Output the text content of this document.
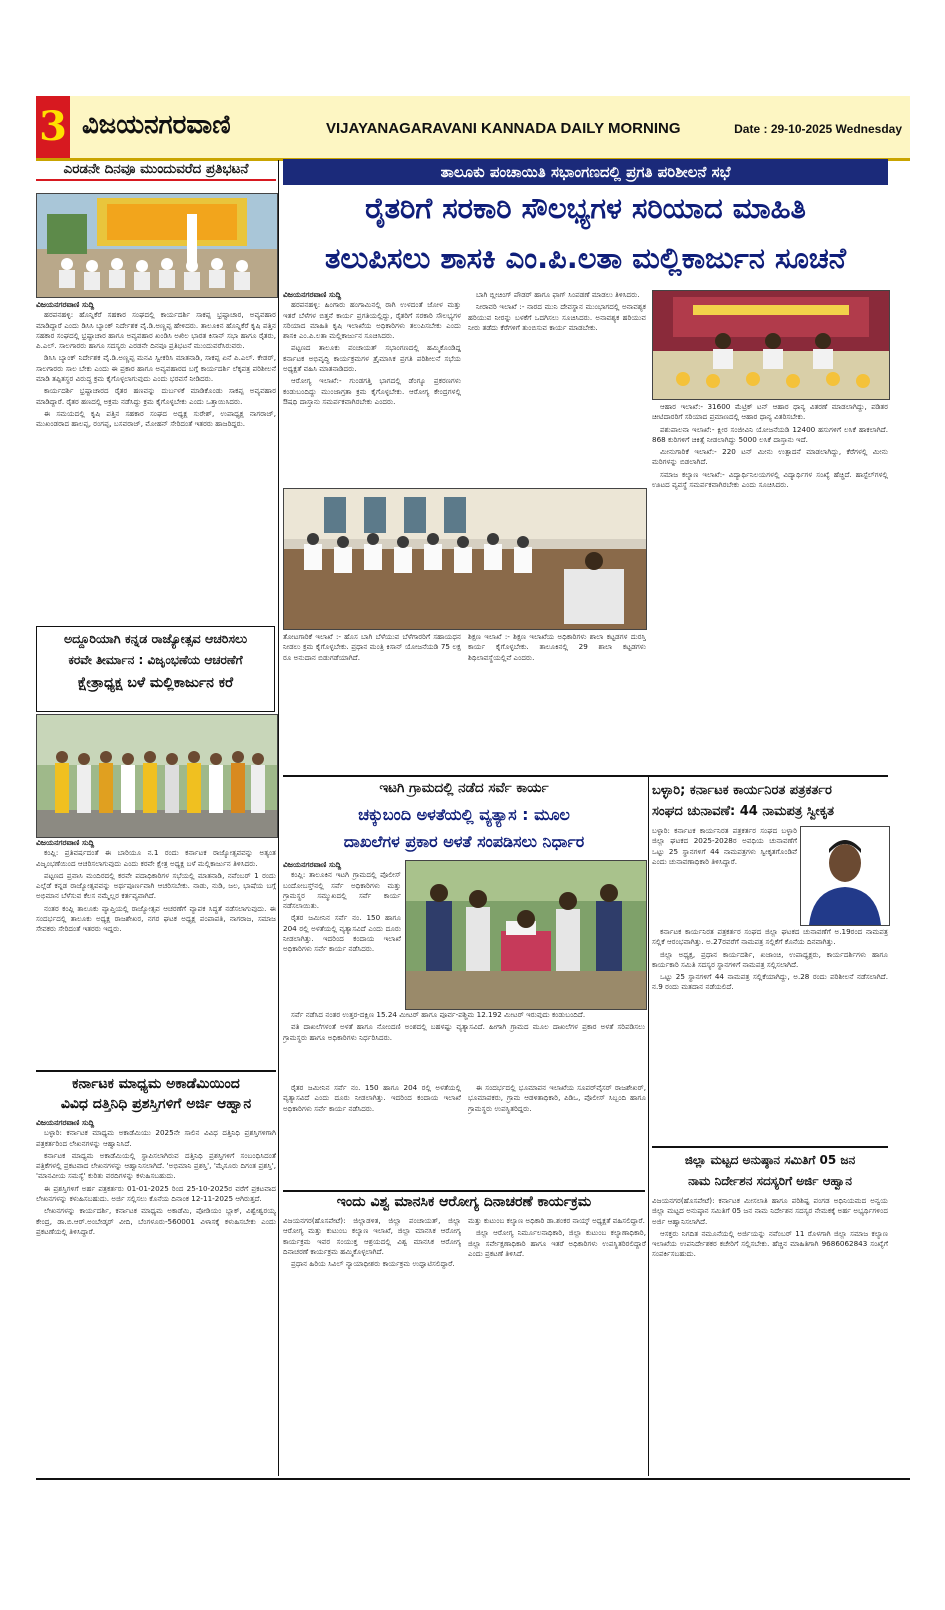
3 ವಿಜಯನಗರವಾಣಿ	VIJAYANAGARAVANI KANNADA DAILY MORNING	Date : 29-10-2025 Wednesday
ಎರಡನೇ ದಿನವೂ ಮುಂದುವರೆದ ಪ್ರತಿಭಟನೆ
ವಿಜಯನಗರವಾಣಿ ಸುದ್ದಿ

ಹರಪನಹಳ್ಳಿ: ಹೊನ್ನಿಕೆರೆ ಸಹಕಾರ ಸಂಘದಲ್ಲಿ ಕಾರ್ಯದರ್ಶಿ ಸಾಕಪ್ಪ ಭ್ರಷ್ಟಾಚಾರ, ಅವ್ಯವಹಾರ ಮಾಡಿದ್ದಾರೆ ಎಂದು ಡಿಸಿಸಿ ಬ್ಯಾಂಕ್ ನಿರ್ದೇಶಕ ವೈ.ಡಿ.ಅಣ್ಣಪ್ಪ ಹೇಳಿದರು. ತಾಲೂಕಿನ ಹೊನ್ನಿಕೆರೆ ಕೃಷಿ ಪತ್ತಿನ ಸಹಕಾರ ಸಂಘದಲ್ಲಿ ಭ್ರಷ್ಟಾಚಾರ ಹಾಗೂ ಅವ್ಯವಹಾರ ಖಂಡಿಸಿ ಅಖಿಲ ಭಾರತ ಕಿಸಾನ್ ಸಭಾ ಹಾಗೂ ರೈತರು, ಪಿ.ಎಲ್. ಸಾಲಗಾರರು ಹಾಗೂ ಸದಸ್ಯರು ಎರಡನೇ ದಿನವೂ ಪ್ರತಿಭಟನೆ ಮುಂದುವರೆಸಿರುವರು.

ಡಿಸಿಸಿ ಬ್ಯಾಂಕ್ ನಿರ್ದೇಶಕ ವೈ.ಡಿ.ಅಣ್ಣಪ್ಪ ಮನವಿ ಸ್ವೀಕರಿಸಿ ಮಾತನಾಡಿ, ಸಾಕಪ್ಪ ಏನೆ ಪಿ.ಎಲ್. ಕೇಡರ್, ಸಾಲಗಾರರು ಸಾಲ ಬೇಕು ಎಂದು ಈ ಪ್ರಕಾರ ಹಾಗೂ ಅವ್ಯವಹಾರದ ಬಗ್ಗೆ ಕಾರ್ಯದರ್ಶಿ ಲೆಕ್ಕಪತ್ರ ಪರಿಶೀಲನೆ ಮಾಡಿ ತಪ್ಪಿತಸ್ಥರ ವಿರುದ್ಧ ಕ್ರಮ ಕೈಗೊಳ್ಳಲಾಗುವುದು ಎಂದು ಭರವಸೆ ನೀಡಿದರು.

ಕಾರ್ಯದರ್ಶಿ ಭ್ರಷ್ಟಾಚಾರದ ರೈತರ ಹಣವನ್ನು ದುರ್ಬಳಕೆ ಮಾಡಿಕೊಂಡು ಸಾಕಪ್ಪ ಅವ್ಯವಹಾರ ಮಾಡಿದ್ದಾರೆ. ರೈತರ ಹಣದಲ್ಲಿ ಅಕ್ರಮ ನಡೆಸಿದ್ದು ಕ್ರಮ ಕೈಗೊಳ್ಳಬೇಕು ಎಂದು ಒತ್ತಾಯಿಸಿದರು.

ಈ ಸಮಯದಲ್ಲಿ ಕೃಷಿ ಪತ್ತಿನ ಸಹಕಾರ ಸಂಘದ ಅಧ್ಯಕ್ಷ ಸುರೇಶ್, ಉಪಾಧ್ಯಕ್ಷ ನಾಗರಾಜ್, ಮುಖಂಡರಾದ ಹಾಲಪ್ಪ, ರಂಗಪ್ಪ, ಬಸವರಾಜ್, ಮೋಹನ್ ಸೇರಿದಂತೆ ಇತರರು ಹಾಜರಿದ್ದರು.

ಅದ್ದೂರಿಯಾಗಿ ಕನ್ನಡ ರಾಜ್ಯೋತ್ಸವ ಆಚರಿಸಲು
ಕರವೇ ತೀರ್ಮಾನ : ವಿಜೃಂಭಣೆಯ ಆಚರಣೆಗೆ
ಕ್ಷೇತ್ರಾಧ್ಯಕ್ಷ ಬಳೆ ಮಲ್ಲಿಕಾರ್ಜುನ ಕರೆ
ವಿಜಯನಗರವಾಣಿ ಸುದ್ದಿ

ಕಂಪ್ಲಿ: ಪ್ರತಿವರ್ಷದಂತೆ ಈ ಬಾರಿಯೂ ನ.1 ರಂದು ಕರ್ನಾಟಕ ರಾಜ್ಯೋತ್ಸವವನ್ನು ಅತ್ಯಂತ ವಿಜೃಂಭಣೆಯಿಂದ ಆಚರಿಸಲಾಗುವುದು ಎಂದು ಕರವೇ ಕ್ಷೇತ್ರ ಅಧ್ಯಕ್ಷ ಬಳೆ ಮಲ್ಲಿಕಾರ್ಜುನ ತಿಳಿಸಿದರು.

ಪಟ್ಟಣದ ಪ್ರವಾಸಿ ಮಂದಿರದಲ್ಲಿ ಕರವೇ ಪದಾಧಿಕಾರಿಗಳ ಸಭೆಯಲ್ಲಿ ಮಾತನಾಡಿ, ನವೆಂಬರ್ 1 ರಂದು ಎಲ್ಲೆಡೆ ಕನ್ನಡ ರಾಜ್ಯೋತ್ಸವವನ್ನು ಅರ್ಥಪೂರ್ಣವಾಗಿ ಆಚರಿಸಬೇಕು. ನಾಡು, ನುಡಿ, ಜಲ, ಭಾಷೆಯ ಬಗ್ಗೆ ಅಭಿಮಾನ ಬೆಳೆಸುವ ಕೆಲಸ ನಮ್ಮೆಲ್ಲರ ಕರ್ತವ್ಯವಾಗಿದೆ.

ನಂತರ ಕಂಪ್ಲಿ ತಾಲೂಕು ವ್ಯಾಪ್ತಿಯಲ್ಲಿ ರಾಜ್ಯೋತ್ಸವ ಆಚರಣೆಗೆ ವ್ಯಾಪಕ ಸಿದ್ಧತೆ ನಡೆಸಲಾಗುವುದು. ಈ ಸಂದರ್ಭದಲ್ಲಿ ತಾಲೂಕು ಅಧ್ಯಕ್ಷ ರಾಜಶೇಖರ, ನಗರ ಘಟಕ ಅಧ್ಯಕ್ಷ ಪಂಪಾಪತಿ, ನಾಗರಾಜ, ಸಮಾಜ ಸೇವಕರು ಸೇರಿದಂತೆ ಇತರರು ಇದ್ದರು.

ಕರ್ನಾಟಕ ಮಾಧ್ಯಮ ಅಕಾಡೆಮಿಯಿಂದ
ವಿವಿಧ ದತ್ತಿನಿಧಿ ಪ್ರಶಸ್ತಿಗಳಿಗೆ ಅರ್ಜಿ ಆಹ್ವಾನ
ವಿಜಯನಗರವಾಣಿ ಸುದ್ದಿ

ಬಳ್ಳಾರಿ: ಕರ್ನಾಟಕ ಮಾಧ್ಯಮ ಅಕಾಡೆಮಿಯು 2025ನೇ ಸಾಲಿನ ವಿವಿಧ ದತ್ತಿನಿಧಿ ಪ್ರಶಸ್ತಿಗಳಿಗಾಗಿ ಪತ್ರಕರ್ತರಿಂದ ಲೇಖನಗಳನ್ನು ಆಹ್ವಾನಿಸಿದೆ.

ಕರ್ನಾಟಕ ಮಾಧ್ಯಮ ಅಕಾಡೆಮಿಯಲ್ಲಿ ಸ್ಥಾಪಿಸಲಾಗಿರುವ ದತ್ತಿನಿಧಿ ಪ್ರಶಸ್ತಿಗಳಿಗೆ ಸಂಬಂಧಿಸಿದಂತೆ ಪತ್ರಿಕೆಗಳಲ್ಲಿ ಪ್ರಕಟವಾದ ಲೇಖನಗಳನ್ನು ಆಹ್ವಾನಿಸಲಾಗಿದೆ. 'ಅಭಿಮಾನಿ ಪ್ರಶಸ್ತಿ', 'ಮೈಸೂರು ದಿಗಂತ ಪ್ರಶಸ್ತಿ', 'ಮಾನವೀಯ ಸಮಸ್ಯೆ' ಕುರಿತು ವರದಿಗಳನ್ನು ಕಳುಹಿಸಬಹುದು.

ಈ ಪ್ರಶಸ್ತಿಗಳಿಗೆ ಅರ್ಹ ಪತ್ರಕರ್ತರು 01-01-2025 ರಿಂದ 25-10-2025ರ ವರೆಗೆ ಪ್ರಕಟವಾದ ಲೇಖನಗಳನ್ನು ಕಳುಹಿಸಬಹುದು. ಅರ್ಜಿ ಸಲ್ಲಿಸಲು ಕೊನೆಯ ದಿನಾಂಕ 12-11-2025 ಆಗಿರುತ್ತದೆ.

ಲೇಖನಗಳನ್ನು ಕಾರ್ಯದರ್ಶಿ, ಕರ್ನಾಟಕ ಮಾಧ್ಯಮ ಅಕಾಡೆಮಿ, ಪೋಡಿಯಂ ಬ್ಲಾಕ್, ವಿಶ್ವೇಶ್ವರಯ್ಯ ಕೇಂದ್ರ, ಡಾ.ಬಿ.ಆರ್.ಅಂಬೇಡ್ಕರ್ ವೀದಿ, ಬೆಂಗಳೂರು-560001 ವಿಳಾಸಕ್ಕೆ ಕಳುಹಿಸಬೇಕು ಎಂದು ಪ್ರಕಟಣೆಯಲ್ಲಿ ತಿಳಿಸಿದ್ದಾರೆ.

ತಾಲೂಕು ಪಂಚಾಯಿತಿ ಸಭಾಂಗಣದಲ್ಲಿ ಪ್ರಗತಿ ಪರಿಶೀಲನೆ ಸಭೆ
ರೈತರಿಗೆ ಸರಕಾರಿ ಸೌಲಭ್ಯಗಳ ಸರಿಯಾದ ಮಾಹಿತಿ
ತಲುಪಿಸಲು ಶಾಸಕಿ ಎಂ.ಪಿ.ಲತಾ ಮಲ್ಲಿಕಾರ್ಜುನ ಸೂಚನೆ
ವಿಜಯನಗರವಾಣಿ ಸುದ್ದಿ

ಹರಪನಹಳ್ಳಿ: ಹಿಂಗಾರು ಹಂಗಾಮಿನಲ್ಲಿ ರಾಗಿ ಉಳದಂತೆ ಜೋಳ ಮತ್ತು ಇತರೆ ಬೆಳೆಗಳ ಬಿತ್ತನೆ ಕಾರ್ಯ ಪ್ರಗತಿಯಲ್ಲಿದ್ದು, ರೈತರಿಗೆ ಸರಕಾರಿ ಸೌಲಭ್ಯಗಳ ಸರಿಯಾದ ಮಾಹಿತಿ ಕೃಷಿ ಇಲಾಖೆಯ ಅಧಿಕಾರಿಗಳು ತಲುಪಿಸಬೇಕು ಎಂದು ಶಾಸಕಿ ಎಂ.ಪಿ.ಲತಾ ಮಲ್ಲಿಕಾರ್ಜುನ ಸೂಚಿಸಿದರು.

ಪಟ್ಟಣದ ತಾಲೂಕು ಪಂಚಾಯತ್ ಸಭಾಂಗಣದಲ್ಲಿ ಹಮ್ಮಿಕೊಂಡಿದ್ದ ಕರ್ನಾಟಕ ಅಭಿವೃದ್ಧಿ ಕಾರ್ಯಕ್ರಮಗಳ ತ್ರೈಮಾಸಿಕ ಪ್ರಗತಿ ಪರಿಶೀಲನೆ ಸಭೆಯ ಅಧ್ಯಕ್ಷತೆ ವಹಿಸಿ ಮಾತನಾಡಿದರು.

ಆರೋಗ್ಯ ಇಲಾಖೆ:- ಗುಂಡಗತ್ತಿ ಭಾಗದಲ್ಲಿ ಡೆಂಗ್ಯೂ ಪ್ರಕರಣಗಳು ಕಂಡುಬಂದಿದ್ದು ಮುಂಜಾಗ್ರತಾ ಕ್ರಮ ಕೈಗೊಳ್ಳಬೇಕು. ಆರೋಗ್ಯ ಕೇಂದ್ರಗಳಲ್ಲಿ ಔಷಧಿ ದಾಸ್ತಾನು ಸಮರ್ಪಕವಾಗಿರಬೇಕು ಎಂದರು.

ಬಾಗಿ ಬ್ಲೀಚಿಂಗ್ ಪೌಡರ್ ಹಾಗೂ ಫಾಗ್ ಸಿಂಪಡಣೆ ಮಾಡಲು ತಿಳಿಸಿದರು.

ನೀರಾವರಿ ಇಲಾಖೆ :- ನಾರದ ಮುನಿ ದೇವಸ್ಥಾನ ಮುಂಭಾಗದಲ್ಲಿ ಅನಾವಶ್ಯಕ ಹರಿಯುವ ನೀರನ್ನು ಬಳಕೆಗೆ ಒದಗಿಸಲು ಸೂಚಿಸಿದರು. ಅನಾವಶ್ಯಕ ಹರಿಯುವ ನೀರು ತಡೆದು ಕೆರೆಗಳಿಗೆ ತುಂಬಿಸುವ ಕಾರ್ಯ ಮಾಡಬೇಕು.

ತೋಟಗಾರಿಕೆ ಇಲಾಖೆ :- ಹೊಸ ಬಾಗಿ ಬೆಳೆಯುವ ಬೆಳೆಗಾರರಿಗೆ ಸಹಾಯಧನ ನೀಡಲು ಕ್ರಮ ಕೈಗೊಳ್ಳಬೇಕು. ಪ್ರಧಾನ ಮಂತ್ರಿ ಕಿಸಾನ್ ಯೋಜನೆಯಡಿ 75 ಲಕ್ಷ ರೂ ಅನುದಾನ ಬಿಡುಗಡೆಯಾಗಿದೆ.

ಶಿಕ್ಷಣ ಇಲಾಖೆ :- ಶಿಕ್ಷಣ ಇಲಾಖೆಯ ಅಧಿಕಾರಿಗಳು ಶಾಲಾ ಕಟ್ಟಡಗಳ ದುರಸ್ತಿ ಕಾರ್ಯ ಕೈಗೊಳ್ಳಬೇಕು. ತಾಲೂಕಿನಲ್ಲಿ 29 ಶಾಲಾ ಕಟ್ಟಡಗಳು ಶಿಥಿಲಾವಸ್ಥೆಯಲ್ಲಿವೆ ಎಂದರು.

ಆಹಾರ ಇಲಾಖೆ:- 31600 ಮೆಟ್ರಿಕ್ ಟನ್ ಆಹಾರ ಧಾನ್ಯ ವಿತರಣೆ ಮಾಡಲಾಗಿದ್ದು, ಪಡಿತರ ಚೀಟಿದಾರರಿಗೆ ಸರಿಯಾದ ಪ್ರಮಾಣದಲ್ಲಿ ಆಹಾರ ಧಾನ್ಯ ವಿತರಿಸಬೇಕು.

ಪಶುಪಾಲನಾ ಇಲಾಖೆ:- ಕ್ಷೀರ ಸಂಜೀವಿನಿ ಯೋಜನೆಯಡಿ 12400 ಹಸುಗಳಿಗೆ ಲಸಿಕೆ ಹಾಕಲಾಗಿದೆ. 868 ಕುರಿಗಳಿಗೆ ಚಿಕಿತ್ಸೆ ನೀಡಲಾಗಿದ್ದು 5000 ಲಸಿಕೆ ದಾಸ್ತಾನು ಇದೆ.

ಮೀನುಗಾರಿಕೆ ಇಲಾಖೆ:- 220 ಟನ್ ಮೀನು ಉತ್ಪಾದನೆ ಮಾಡಲಾಗಿದ್ದು, ಕೆರೆಗಳಲ್ಲಿ ಮೀನು ಮರಿಗಳನ್ನು ಬಿಡಲಾಗಿದೆ.

ಸಮಾಜ ಕಲ್ಯಾಣ ಇಲಾಖೆ:- ವಿದ್ಯಾರ್ಥಿನಿಲಯಗಳಲ್ಲಿ ವಿದ್ಯಾರ್ಥಿಗಳ ಸಂಖ್ಯೆ ಹೆಚ್ಚಿದೆ. ಹಾಸ್ಟೆಲ್‌ಗಳಲ್ಲಿ ಊಟದ ವ್ಯವಸ್ಥೆ ಸಮರ್ಪಕವಾಗಿರಬೇಕು ಎಂದು ಸೂಚಿಸಿದರು.

ಇಟಗಿ ಗ್ರಾಮದಲ್ಲಿ ನಡೆದ ಸರ್ವೆ ಕಾರ್ಯ
ಚಕ್ಕುಬಂದಿ ಅಳತೆಯಲ್ಲಿ ವ್ಯತ್ಯಾಸ : ಮೂಲ
ದಾಖಲೆಗಳ ಪ್ರಕಾರ ಅಳತೆ ಸಂಪಡಿಸಲು ನಿರ್ಧಾರ
ವಿಜಯನಗರವಾಣಿ ಸುದ್ದಿ

ಕಂಪ್ಲಿ: ತಾಲೂಕಿನ ಇಟಗಿ ಗ್ರಾಮದಲ್ಲಿ ಪೊಲೀಸ್ ಬಂದೋಬಸ್ತ್‌ನಲ್ಲಿ ಸರ್ವೆ ಅಧಿಕಾರಿಗಳು ಮತ್ತು ಗ್ರಾಮಸ್ಥರ ಸಮ್ಮುಖದಲ್ಲಿ ಸರ್ವೆ ಕಾರ್ಯ ನಡೆಸಲಾಯಿತು.

ರೈತರ ಜಮೀನಿನ ಸರ್ವೆ ನಂ. 150 ಹಾಗೂ 204 ರಲ್ಲಿ ಅಳತೆಯಲ್ಲಿ ವ್ಯತ್ಯಾಸವಿದೆ ಎಂದು ದೂರು ನೀಡಲಾಗಿತ್ತು. ಇದರಿಂದ ಕಂದಾಯ ಇಲಾಖೆ ಅಧಿಕಾರಿಗಳು ಸರ್ವೆ ಕಾರ್ಯ ನಡೆಸಿದರು.

ಸರ್ವೆ ನಡೆಸಿದ ನಂತರ ಉತ್ತರ-ದಕ್ಷಿಣ 15.24 ಮೀಟರ್ ಹಾಗೂ ಪೂರ್ವ-ಪಶ್ಚಿಮ 12.192 ಮೀಟರ್ ಇರುವುದು ಕಂಡುಬಂದಿದೆ.

ವತಿ ದಾಖಲೆಗಳಂತೆ ಅಳತೆ ಹಾಗೂ ನೋಂದಣಿ ಅಂಶದಲ್ಲಿ ಬಹಳಷ್ಟು ವ್ಯತ್ಯಾಸವಿದೆ. ಹೀಗಾಗಿ ಗ್ರಾಮದ ಮೂಲ ದಾಖಲೆಗಳ ಪ್ರಕಾರ ಅಳತೆ ಸರಿಪಡಿಸಲು ಗ್ರಾಮಸ್ಥರು ಹಾಗೂ ಅಧಿಕಾರಿಗಳು ನಿರ್ಧರಿಸಿದರು.

ಈ ಸಂದರ್ಭದಲ್ಲಿ ಭೂಮಾಪನ ಇಲಾಖೆಯ ಸೂಪರ್‌ವೈಸರ್ ರಾಜಶೇಖರ್, ಭೂಮಾಪಕರು, ಗ್ರಾಮ ಆಡಳಿತಾಧಿಕಾರಿ, ಪಿಡಿಒ, ಪೊಲೀಸ್ ಸಿಬ್ಬಂದಿ ಹಾಗೂ ಗ್ರಾಮಸ್ಥರು ಉಪಸ್ಥಿತರಿದ್ದರು.

ರೈತರ ಜಮೀನಿನ ಸರ್ವೆ ನಂ. 150 ಹಾಗೂ 204 ರಲ್ಲಿ ಅಳತೆಯಲ್ಲಿ ವ್ಯತ್ಯಾಸವಿದೆ ಎಂದು ದೂರು ನೀಡಲಾಗಿತ್ತು. ಇದರಿಂದ ಕಂದಾಯ ಇಲಾಖೆ ಅಧಿಕಾರಿಗಳು ಸರ್ವೆ ಕಾರ್ಯ ನಡೆಸಿದರು.

ಇಂದು ವಿಶ್ವ ಮಾನಸಿಕ ಆರೋಗ್ಯ ದಿನಾಚರಣೆ ಕಾರ್ಯಕ್ರಮ

ವಿಜಯನಗರ(ಹೊಸಪೇಟೆ): ಜಿಲ್ಲಾಡಳಿತ, ಜಿಲ್ಲಾ ಪಂಚಾಯತ್, ಜಿಲ್ಲಾ ಆರೋಗ್ಯ ಮತ್ತು ಕುಟುಂಬ ಕಲ್ಯಾಣ ಇಲಾಖೆ, ಜಿಲ್ಲಾ ಮಾನಸಿಕ ಆರೋಗ್ಯ ಕಾರ್ಯಕ್ರಮ ಇವರ ಸಂಯುಕ್ತ ಆಶ್ರಯದಲ್ಲಿ ವಿಶ್ವ ಮಾನಸಿಕ ಆರೋಗ್ಯ ದಿನಾಚರಣೆ ಕಾರ್ಯಕ್ರಮ ಹಮ್ಮಿಕೊಳ್ಳಲಾಗಿದೆ.

ಪ್ರಧಾನ ಹಿರಿಯ ಸಿವಿಲ್ ನ್ಯಾಯಾಧೀಶರು ಕಾರ್ಯಕ್ರಮ ಉದ್ಘಾಟಿಸಲಿದ್ದಾರೆ.

ಮತ್ತು ಕುಟುಂಬ ಕಲ್ಯಾಣ ಅಧಿಕಾರಿ ಡಾ.ಶಂಕರ ನಾಯ್ಕ್ ಅಧ್ಯಕ್ಷತೆ ವಹಿಸಲಿದ್ದಾರೆ.

ಜಿಲ್ಲಾ ಆರೋಗ್ಯ ನಿರ್ಮೂಲನಾಧಿಕಾರಿ, ಜಿಲ್ಲಾ ಕುಟುಂಬ ಕಲ್ಯಾಣಾಧಿಕಾರಿ, ಜಿಲ್ಲಾ ಸರ್ವೇಕ್ಷಣಾಧಿಕಾರಿ ಹಾಗೂ ಇತರೆ ಅಧಿಕಾರಿಗಳು ಉಪಸ್ಥಿತರಿರಲಿದ್ದಾರೆ ಎಂದು ಪ್ರಕಟಣೆ ತಿಳಿಸಿದೆ.

ಬಳ್ಳಾರಿ; ಕರ್ನಾಟಕ ಕಾರ್ಯನಿರತ ಪತ್ರಕರ್ತರ
ಸಂಘದ ಚುನಾವಣೆ: 44 ನಾಮಪತ್ರ ಸ್ವೀಕೃತ

ಬಳ್ಳಾರಿ: ಕರ್ನಾಟಕ ಕಾರ್ಯನಿರತ ಪತ್ರಕರ್ತರ ಸಂಘದ ಬಳ್ಳಾರಿ ಜಿಲ್ಲಾ ಘಟಕದ 2025-2028ರ ಅವಧಿಯ ಚುನಾವಣೆಗೆ ಒಟ್ಟು 25 ಸ್ಥಾನಗಳಿಗೆ 44 ನಾಮಪತ್ರಗಳು ಸ್ವೀಕೃತಗೊಂಡಿವೆ ಎಂದು ಚುನಾವಣಾಧಿಕಾರಿ ತಿಳಿಸಿದ್ದಾರೆ.

ಕರ್ನಾಟಕ ಕಾರ್ಯನಿರತ ಪತ್ರಕರ್ತರ ಸಂಘದ ಜಿಲ್ಲಾ ಘಟಕದ ಚುನಾವಣೆಗೆ ಅ.19ರಂದ ನಾಮಪತ್ರ ಸಲ್ಲಿಕೆ ಆರಂಭವಾಗಿತ್ತು. ಅ.27ರವರೆಗೆ ನಾಮಪತ್ರ ಸಲ್ಲಿಕೆಗೆ ಕೊನೆಯ ದಿನವಾಗಿತ್ತು.

ಜಿಲ್ಲಾ ಅಧ್ಯಕ್ಷ, ಪ್ರಧಾನ ಕಾರ್ಯದರ್ಶಿ, ಖಜಾಂಚಿ, ಉಪಾಧ್ಯಕ್ಷರು, ಕಾರ್ಯದರ್ಶಿಗಳು ಹಾಗೂ ಕಾರ್ಯಕಾರಿ ಸಮಿತಿ ಸದಸ್ಯರ ಸ್ಥಾನಗಳಿಗೆ ನಾಮಪತ್ರ ಸಲ್ಲಿಸಲಾಗಿದೆ.

ಒಟ್ಟು 25 ಸ್ಥಾನಗಳಿಗೆ 44 ನಾಮಪತ್ರ ಸಲ್ಲಿಕೆಯಾಗಿದ್ದು, ಅ.28 ರಂದು ಪರಿಶೀಲನೆ ನಡೆಸಲಾಗಿದೆ. ನ.9 ರಂದು ಮತದಾನ ನಡೆಯಲಿದೆ.

ಜಿಲ್ಲಾ ಮಟ್ಟದ ಅನುಷ್ಠಾನ ಸಮಿತಿಗೆ 05 ಜನ
ನಾಮ ನಿರ್ದೇಶನ ಸದಸ್ಯರಿಗೆ ಅರ್ಜಿ ಆಹ್ವಾನ

ವಿಜಯನಗರ(ಹೊಸಪೇಟೆ): ಕರ್ನಾಟಕ ಮೀಸಲಾತಿ ಹಾಗೂ ಪರಿಶಿಷ್ಟ ಪಂಗಡ ಅಧಿನಿಯಮದ ಅನ್ವಯ ಜಿಲ್ಲಾ ಮಟ್ಟದ ಅನುಷ್ಠಾನ ಸಮಿತಿಗೆ 05 ಜನ ನಾಮ ನಿರ್ದೇಶನ ಸದಸ್ಯರ ನೇಮಕಕ್ಕೆ ಅರ್ಹ ಅಭ್ಯರ್ಥಿಗಳಿಂದ ಅರ್ಜಿ ಆಹ್ವಾನಿಸಲಾಗಿದೆ.

ಆಸಕ್ತರು ನಿಗದಿತ ನಮೂನೆಯಲ್ಲಿ ಅರ್ಜಿಯನ್ನು ನವೆಂಬರ್ 11 ರೊಳಗಾಗಿ ಜಿಲ್ಲಾ ಸಮಾಜ ಕಲ್ಯಾಣ ಇಲಾಖೆಯ ಉಪನಿರ್ದೇಶಕರ ಕಚೇರಿಗೆ ಸಲ್ಲಿಸಬೇಕು. ಹೆಚ್ಚಿನ ಮಾಹಿತಿಗಾಗಿ 9686062843 ಸಂಖ್ಯೆಗೆ ಸಂಪರ್ಕಿಸಬಹುದು.
